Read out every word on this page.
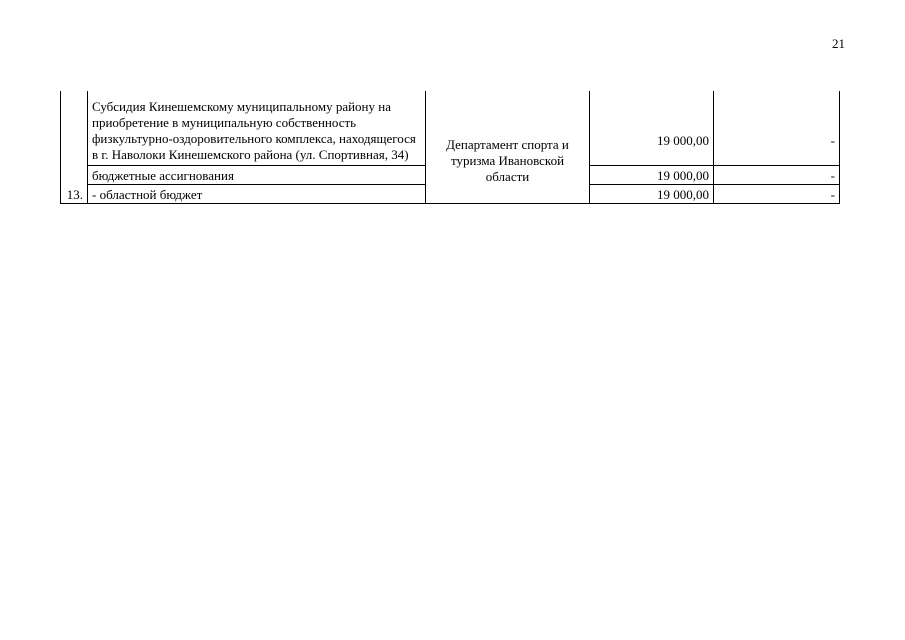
21
13.	Субсидия Кинешемскому муниципальному району на приобретение в муниципальную собственность физкультурно-оздоровительного комплекса, находящегося в г. Наволоки Кинешемского района (ул. Спортивная, 34)	Департамент спорта и туризма Ивановской области	19 000,00	-
	бюджетные ассигнования		19 000,00	-
	- областной бюджет		19 000,00	-
